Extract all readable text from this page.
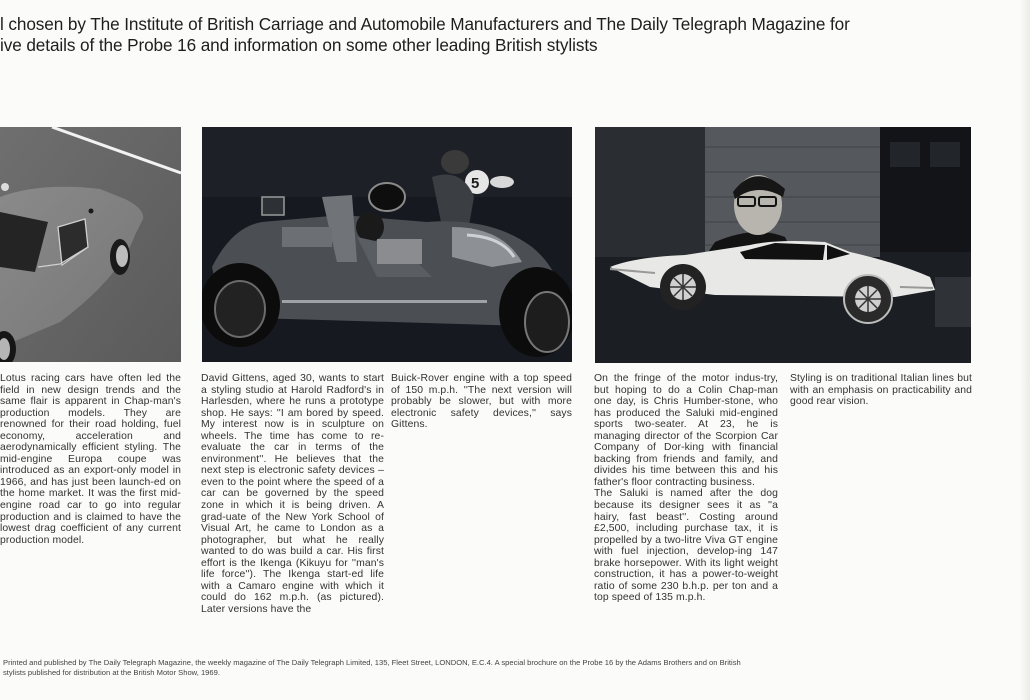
l chosen by The Institute of British Carriage and Automobile Manufacturers and The Daily Telegraph Magazine for
ive details of the Probe 16 and information on some other leading British stylists
5

Lotus racing cars have often led the field in new design trends and the same flair is apparent in Chap-man's production models. They are renowned for their road holding, fuel economy, acceleration and aerodynamically efficient styling. The mid-engine Europa coupe was introduced as an export-only model in 1966, and has just been launch-ed on the home market. It was the first mid-engine road car to go into regular production and is claimed to have the lowest drag coefficient of any current production model.

David Gittens, aged 30, wants to start a styling studio at Harold Radford's in Harlesden, where he runs a prototype shop. He says: ''I am bored by speed. My interest now is in sculpture on wheels. The time has come to re-evaluate the car in terms of the environment''. He believes that the next step is electronic safety devices – even to the point where the speed of a car can be governed by the speed zone in which it is being driven. A grad-uate of the New York School of Visual Art, he came to London as a photographer, but what he really wanted to do was build a car. His first effort is the Ikenga (Kikuyu for ''man's life force''). The Ikenga start-ed life with a Camaro engine with which it could do 162 m.p.h. (as pictured). Later versions have the

Buick-Rover engine with a top speed of 150 m.p.h. ''The next version will probably be slower, but with more electronic safety devices,'' says Gittens.

On the fringe of the motor indus-try, but hoping to do a Colin Chap-man one day, is Chris Humber-stone, who has produced the Saluki mid-engined sports two-seater. At 23, he is managing director of the Scorpion Car Company of Dor-king with financial backing from friends and family, and divides his time between this and his father's floor contracting business.

The Saluki is named after the dog because its designer sees it as ''a hairy, fast beast''. Costing around £2,500, including purchase tax, it is propelled by a two-litre Viva GT engine with fuel injection, develop-ing 147 brake horsepower. With its light weight construction, it has a power-to-weight ratio of some 230 b.h.p. per ton and a top speed of 135 m.p.h.

Styling is on traditional Italian lines but with an emphasis on practicability and good rear vision.

Printed and published by The Daily Telegraph Magazine, the weekly magazine of The Daily Telegraph Limited, 135, Fleet Street, LONDON, E.C.4. A special brochure on the Probe 16 by the Adams Brothers and on British
stylists published for distribution at the British Motor Show, 1969.
